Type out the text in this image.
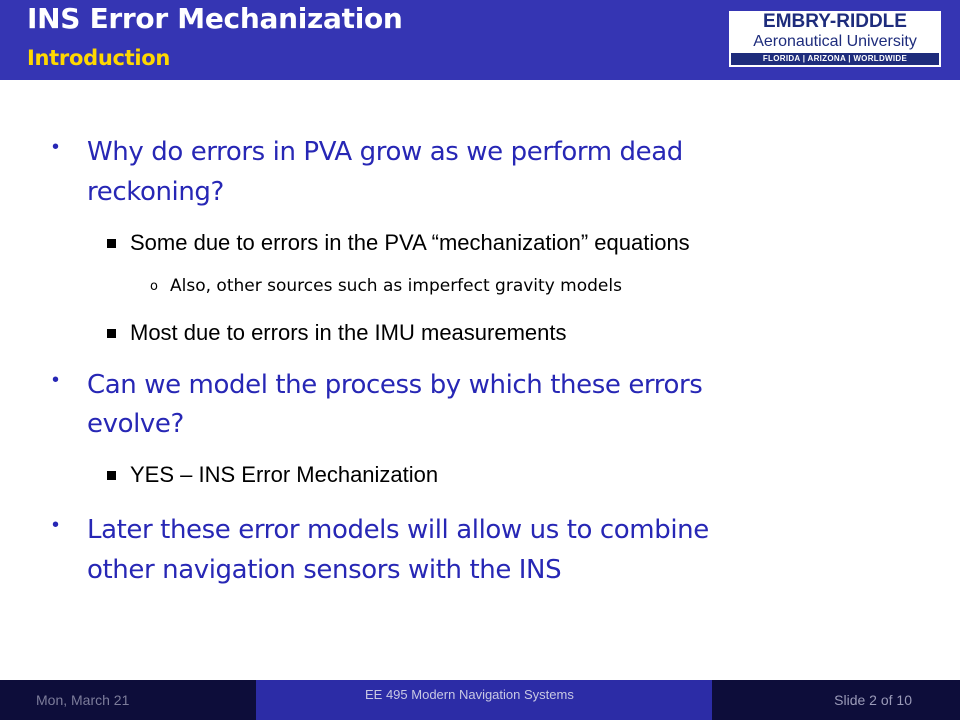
INS Error Mechanization
Introduction
EMBRY-RIDDLE
Aeronautical University
FLORIDA | ARIZONA | WORLDWIDE
• Why do errors in PVA grow as we perform dead
reckoning?
Some due to errors in the PVA “mechanization” equations
o Also, other sources such as imperfect gravity models
Most due to errors in the IMU measurements
• Can we model the process by which these errors
evolve?
YES – INS Error Mechanization
• Later these error models will allow us to combine
other navigation sensors with the INS
Mon, March 21	EE 495 Modern Navigation Systems	Slide 2 of 10
